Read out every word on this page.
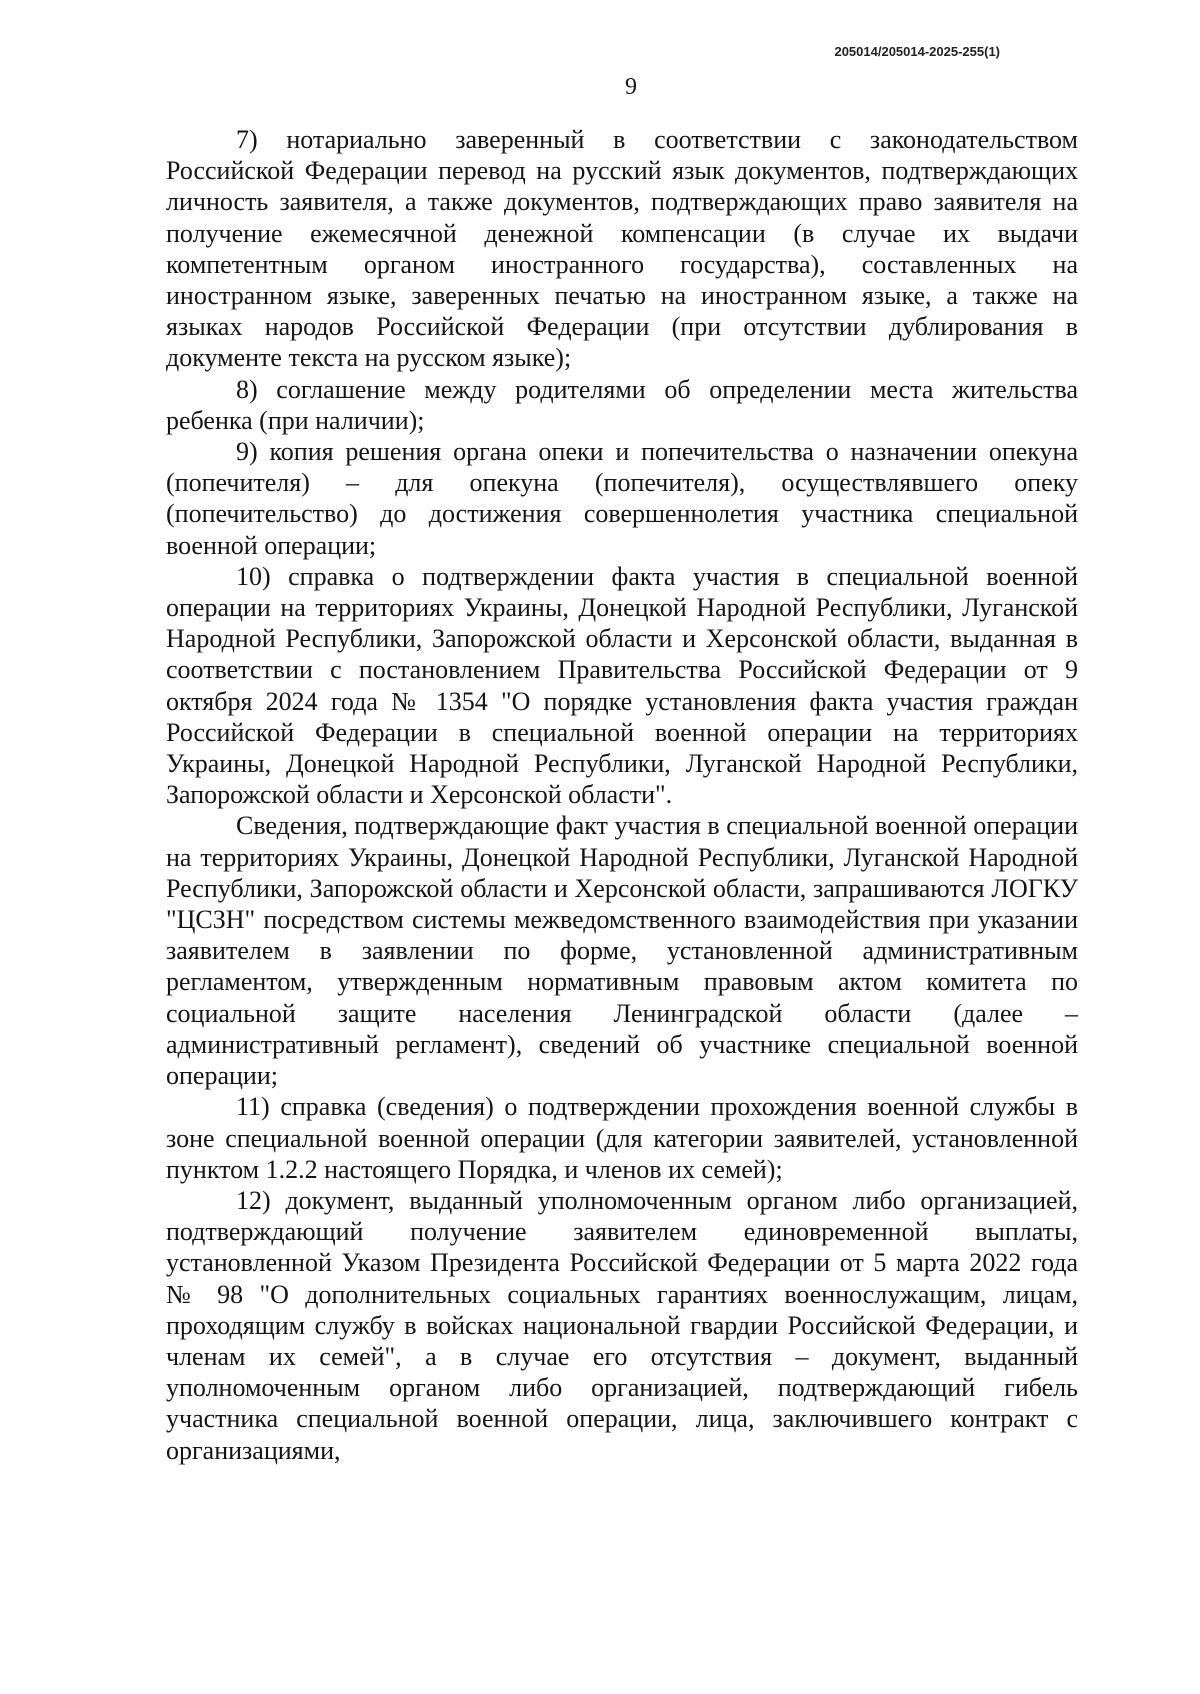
205014/205014-2025-255(1)
9

7) нотариально заверенный в соответствии с законодательством Российской Федерации перевод на русский язык документов, подтверждающих личность заявителя, а также документов, подтверждающих право заявителя на получение ежемесячной денежной компенсации (в случае их выдачи компетентным органом иностранного государства), составленных на иностранном языке, заверенных печатью на иностранном языке, а также на языках народов Российской Федерации (при отсутствии дублирования в документе текста на русском языке);

8) соглашение между родителями об определении места жительства ребенка (при наличии);

9) копия решения органа опеки и попечительства о назначении опекуна (попечителя) – для опекуна (попечителя), осуществлявшего опеку (попечительство) до достижения совершеннолетия участника специальной военной операции;

10) справка о подтверждении факта участия в специальной военной операции на территориях Украины, Донецкой Народной Республики, Луганской Народной Республики, Запорожской области и Херсонской области, выданная в соответствии с постановлением Правительства Российской Федерации от 9 октября 2024 года № 1354 "О порядке установления факта участия граждан Российской Федерации в специальной военной операции на территориях Украины, Донецкой Народной Республики, Луганской Народной Республики, Запорожской области и Херсонской области".

Сведения, подтверждающие факт участия в специальной военной операции на территориях Украины, Донецкой Народной Республики, Луганской Народной Республики, Запорожской области и Херсонской области, запрашиваются ЛОГКУ "ЦСЗН" посредством системы межведомственного взаимодействия при указании заявителем в заявлении по форме, установленной административным регламентом, утвержденным нормативным правовым актом комитета по социальной защите населения Ленинградской области (далее – административный регламент), сведений об участнике специальной военной операции;

11) справка (сведения) о подтверждении прохождения военной службы в зоне специальной военной операции (для категории заявителей, установленной пунктом 1.2.2 настоящего Порядка, и членов их семей);

12) документ, выданный уполномоченным органом либо организацией, подтверждающий получение заявителем единовременной выплаты, установленной Указом Президента Российской Федерации от 5 марта 2022 года № 98 "О дополнительных социальных гарантиях военнослужащим, лицам, проходящим службу в войсках национальной гвардии Российской Федерации, и членам их семей", а в случае его отсутствия – документ, выданный уполномоченным органом либо организацией, подтверждающий гибель участника специальной военной операции, лица, заключившего контракт с организациями,
